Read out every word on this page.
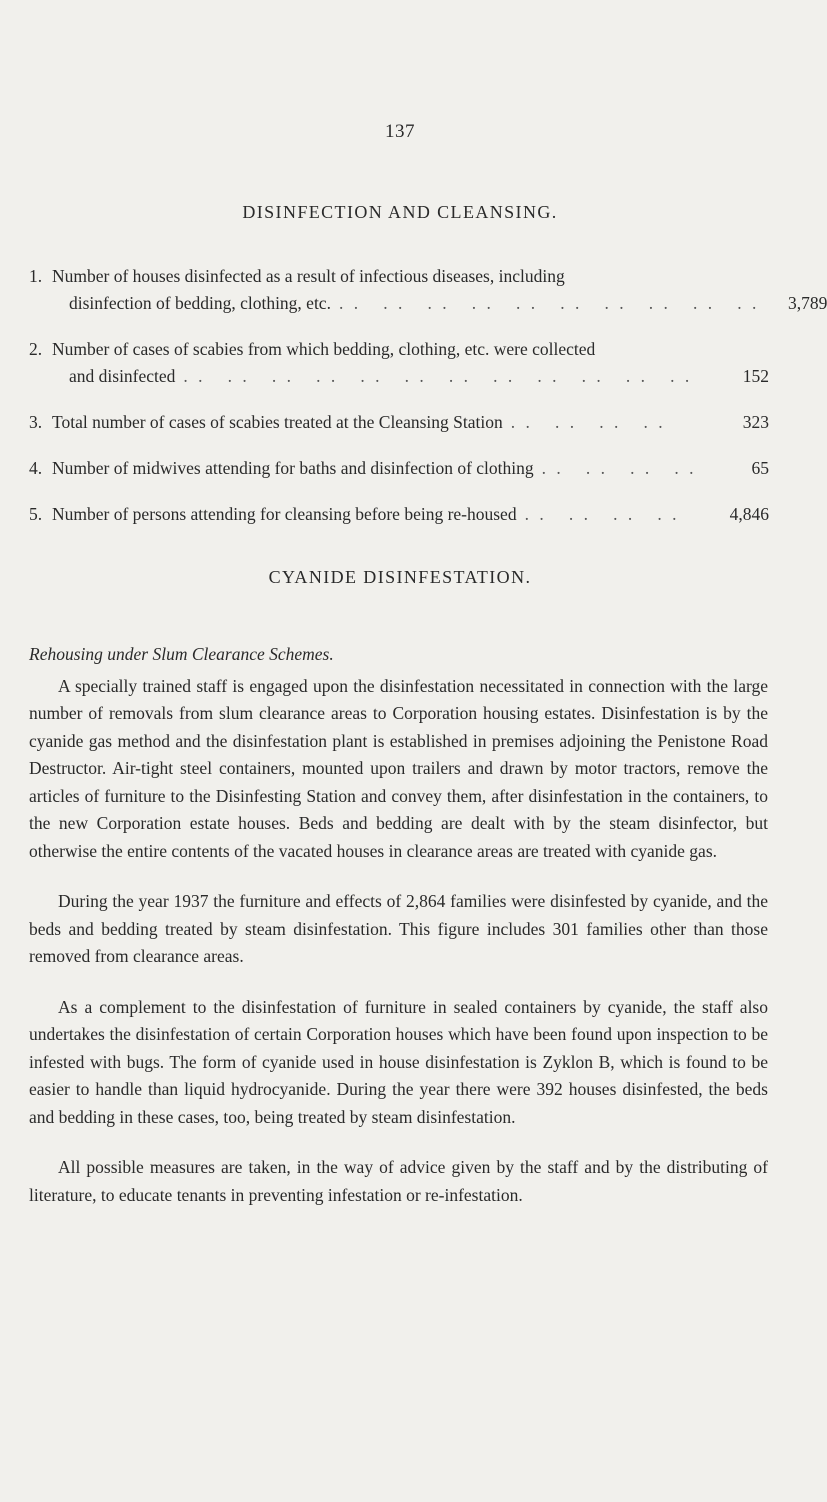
137
DISINFECTION AND CLEANSING.
1. Number of houses disinfected as a result of infectious diseases, including
disinfection of bedding, clothing, etc. . .   . .   . .   . .   . .   . .   . .   . .   . .   . .	3,789
2. Number of cases of scabies from which bedding, clothing, etc. were collected
and disinfected . .   . .   . .   . .   . .   . .   . .   . .   . .   . .   . .   . .	152
3. Total number of cases of scabies treated at the Cleansing Station . .   . .   . .   . .	323
4. Number of midwives attending for baths and disinfection of clothing . .   . .   . .   . .	65
5. Number of persons attending for cleansing before being re-housed . .   . .   . .   . .	4,846
CYANIDE DISINFESTATION.

Rehousing under Slum Clearance Schemes.

A specially trained staff is engaged upon the disinfestation necessitated in connection with the large number of removals from slum clearance areas to Corporation housing estates. Disinfestation is by the cyanide gas method and the disinfestation plant is established in premises adjoining the Penistone Road Destructor. Air-tight steel containers, mounted upon trailers and drawn by motor tractors, remove the articles of furniture to the Disinfesting Station and convey them, after disinfestation in the containers, to the new Corporation estate houses. Beds and bedding are dealt with by the steam disinfector, but otherwise the entire contents of the vacated houses in clearance areas are treated with cyanide gas.

During the year 1937 the furniture and effects of 2,864 families were disinfested by cyanide, and the beds and bedding treated by steam disinfestation. This figure includes 301 families other than those removed from clearance areas.

As a complement to the disinfestation of furniture in sealed containers by cyanide, the staff also undertakes the disinfestation of certain Corporation houses which have been found upon inspection to be infested with bugs. The form of cyanide used in house disinfestation is Zyklon B, which is found to be easier to handle than liquid hydrocyanide. During the year there were 392 houses disinfested, the beds and bedding in these cases, too, being treated by steam disinfestation.

All possible measures are taken, in the way of advice given by the staff and by the distributing of literature, to educate tenants in preventing infestation or re-infestation.
